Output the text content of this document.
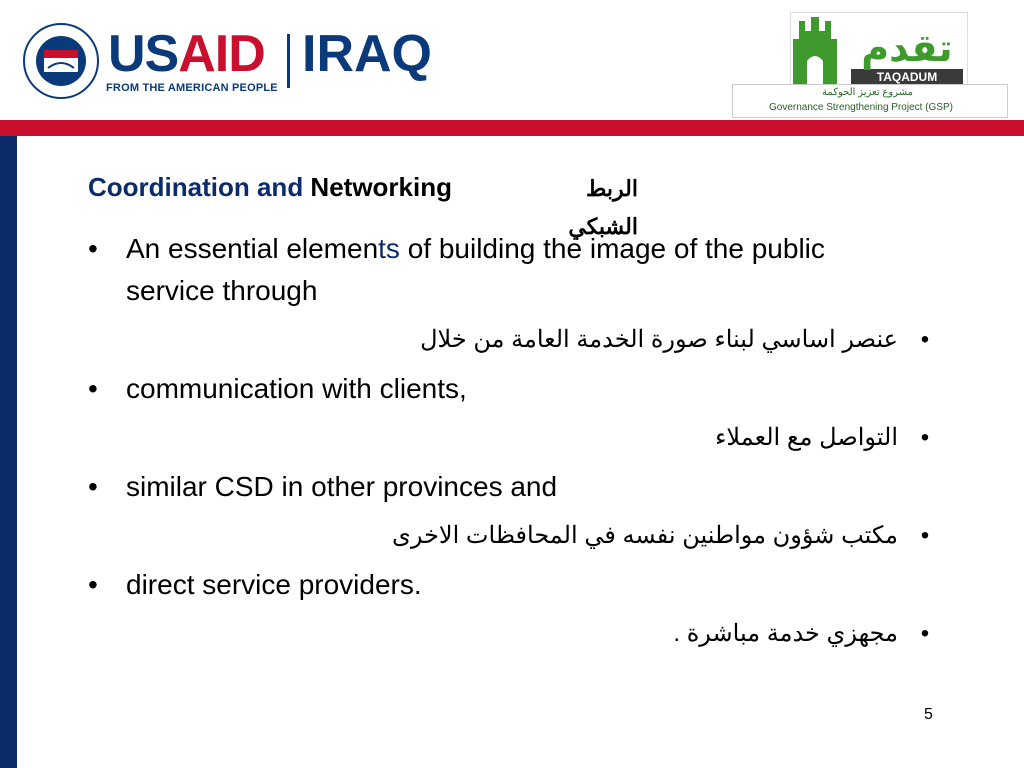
USAID IRAQ
FROM THE AMERICAN PEOPLE
TAQADUM
تقدم
مشروع تعزيز الحوكمة
Governance Strengthening Project (GSP)
Coordination and Networking	الربط الشبكي
• An essential elements of building the image of the public service through
عنصر اساسي لبناء صورة الخدمة العامة من خلال •
• communication with clients,
التواصل مع العملاء •
• similar CSD in other provinces and
مكتب شؤون مواطنين نفسه في المحافظات الاخرى •
• direct service providers.
مجهزي خدمة مباشرة . •
5
